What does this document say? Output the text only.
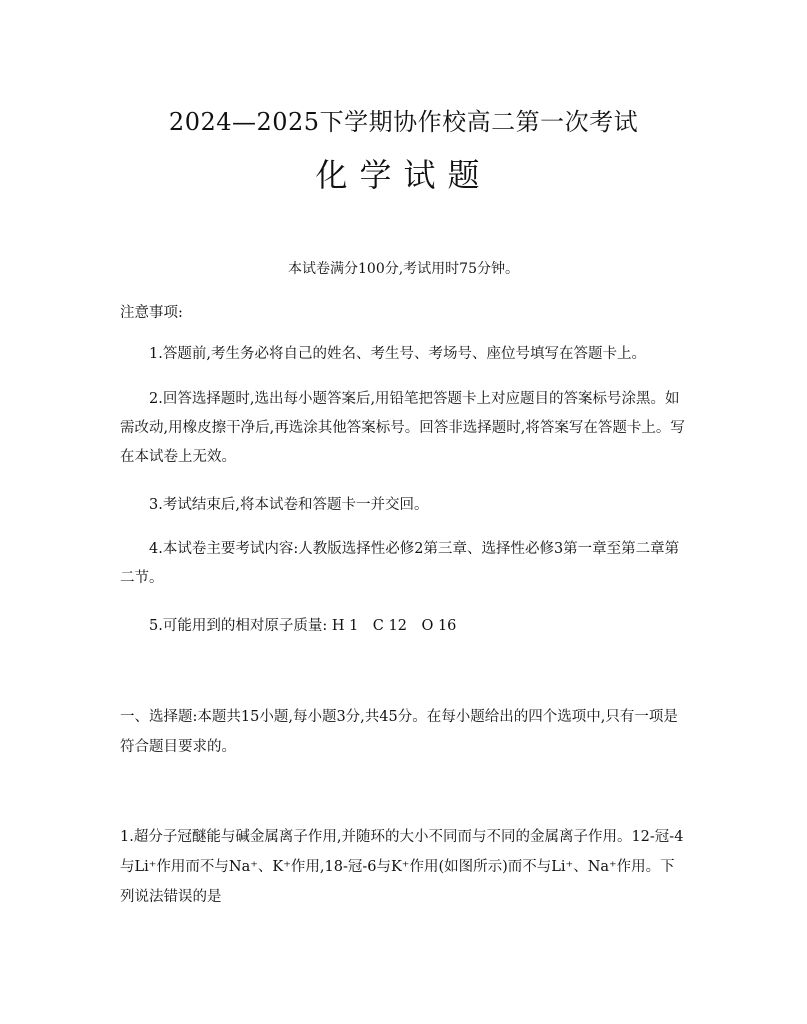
2024—2025下学期协作校高二第一次考试
化学试题
本试卷满分100分,考试用时75分钟。
注意事项:

1.答题前,考生务必将自己的姓名、考生号、考场号、座位号填写在答题卡上。

2.回答选择题时,选出每小题答案后,用铅笔把答题卡上对应题目的答案标号涂黑。如需改动,用橡皮擦干净后,再选涂其他答案标号。回答非选择题时,将答案写在答题卡上。写在本试卷上无效。

3.考试结束后,将本试卷和答题卡一并交回。

4.本试卷主要考试内容:人教版选择性必修2第三章、选择性必修3第一章至第二章第二节。

5.可能用到的相对原子质量: H 1　C 12　O 16

一、选择题:本题共15小题,每小题3分,共45分。在每小题给出的四个选项中,只有一项是符合题目要求的。

1.超分子冠醚能与碱金属离子作用,并随环的大小不同而与不同的金属离子作用。12-冠-4与Li⁺作用而不与Na⁺、K⁺作用,18-冠-6与K⁺作用(如图所示)而不与Li⁺、Na⁺作用。下列说法错误的是
